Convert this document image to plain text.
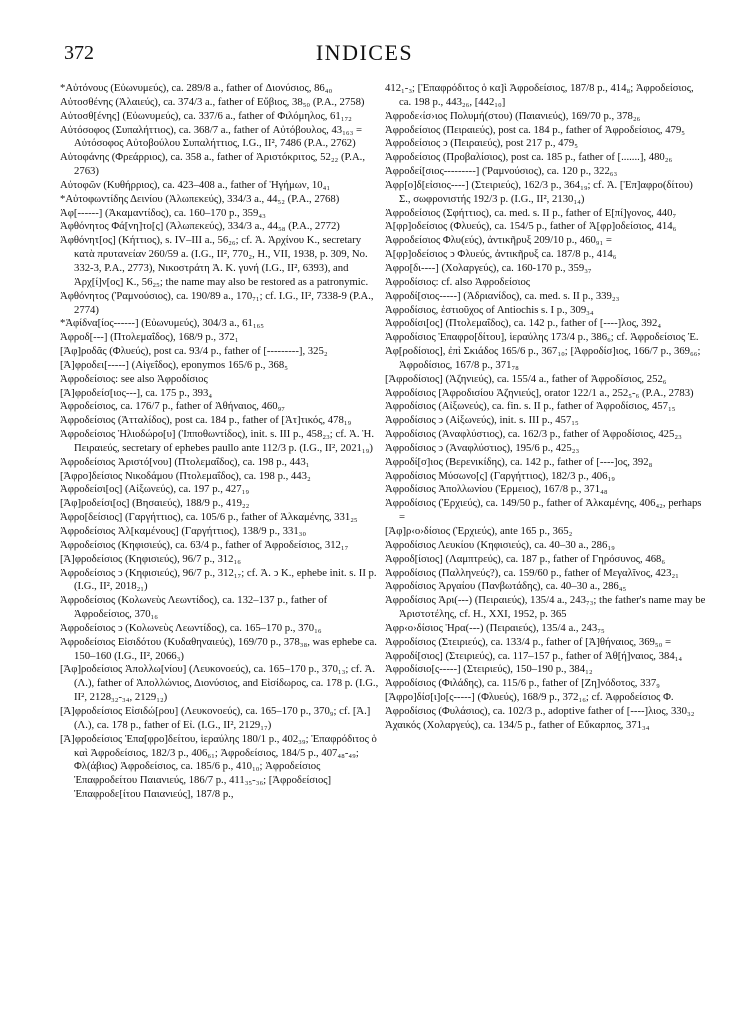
372	INDICES

*Αὐτόνους (Εὐωνυμεύς), ca. 289/8 a., father of Διονύσιος, 86₄₀

Αὐτοσθένης (Ἁλαιεύς), ca. 374/3 a., father of Εὔβιος, 38₅₀ (P.A., 2758)

Αὐτοσθ[ένης] (Εὐωνυμεύς), ca. 337/6 a., father of Φιλόμηλος, 61₁₇₂

Αὐτόσοφος (Συπαλήττιος), ca. 368/7 a., father of Αὐτόβουλος, 43₁₆₃ = Αὐτόσοφος Αὐτοβούλου Συπαλήττιος, I.G., II², 7486 (P.A., 2762)

Αὐτοφάνης (Φρεάρριος), ca. 358 a., father of Ἀριστόκριτος, 52₂₂ (P.A., 2763)

Αὐτοφῶν (Κυθήρριος), ca. 423–408 a., father of Ἡγήμων, 10₄₁

*Αὐτοφωντίδης Δεινίου (Ἀλωπεκεύς), 334/3 a., 44₅₂ (P.A., 2768)

Ἀφ[------] (Ἀκαμαντίδος), ca. 160–170 p., 359₄₃

Ἀφθόνητος Φά[νη]το[ς] (Ἀλωπεκεύς), 334/3 a., 44₅₈ (P.A., 2772)

Ἀφθόνητ[ος] (Κήττιος), s. IV–III a., 56₂₆; cf. Ἀ. Ἀρχίνου Κ., secretary κατὰ πρυτανείαν 260/59 a. (I.G., II², 770₂, H., VII, 1938, p. 309, No. 332-3, P.A., 2773), Νικοστράτη Ἀ. Κ. γυνή (I.G., II², 6393), and Ἀρχ[ί]ν[ος] Κ., 56₂₅; the name may also be restored as a patronymic.

Ἀφθόνητος (Ῥαμνούσιος), ca. 190/89 a., 170₇₁; cf. I.G., II², 7338-9 (P.A., 2774)

*Ἀφίδνα[ίος------] (Εὐωνυμεύς), 304/3 a., 61₁₆₅

Ἀφροδ[---] (Πτολεμαΐδος), 168/9 p., 372₁

[Ἀφ]ροδᾶς (Φλυεύς), post ca. 93/4 p., father of [---------], 325₂

[Ἀ]φροδει[-----] (Αἰγεΐδος), eponymos 165/6 p., 368₅

Ἀφροδείσιος: see also Ἀφροδίσιος

[Ἀ]φροδείσ[ιος---], ca. 175 p., 393₄

Ἀφροδείσιος, ca. 176/7 p., father of Ἀθήναιος, 460₉₇

Ἀφροδείσιος (Ἀτταλίδος), post ca. 184 p., father of [Ἀτ]τικός, 478₁₉

Ἀφροδείσιος Ἡλιοδώρο[υ] (Ἱπποθωντίδος), init. s. III p., 458₂₃; cf. Ἀ. Ἡ. Πειραιεύς, secretary of ephebes paullo ante 112/3 p. (I.G., II², 2021₁₉)

Ἀφροδείσιος Ἀριστό[νου] (Πτολεμαΐδος), ca. 198 p., 443₁

[Ἀφρο]δείσιος Νικοδάμου (Πτολεμαΐδος), ca. 198 p., 443₂

Ἀφροδείσι[ος] (Αἰξωνεύς), ca. 197 p., 427₁₉

[Ἀφ]ροδείσι[ος] (Βησαιεύς), 188/9 p., 419₂₂

Ἀφρο[δείσιος] (Γαργήττιος), ca. 105/6 p., father of Ἀλκαμένης, 331₂₅

Ἀφροδείσιος Ἀλ[καμένους] (Γαργήττιος), 138/9 p., 331₃₀

Ἀφροδείσιος (Κηφισιεύς), ca. 63/4 p., father of Ἀφροδείσιος, 312₁₇

[Ἀ]φροδείσιος (Κηφισιεύς), 96/7 p., 312₁₆

Ἀφροδείσιος ↄ (Κηφισιεύς), 96/7 p., 312₁₇; cf. Ἀ. ↄ Κ., ephebe init. s. II p. (I.G., II², 2018₂₁)

Ἀφροδείσιος (Κολωνεὺς Λεωντίδος), ca. 132–137 p., father of Ἀφροδείσιος, 370₁₆

Ἀφροδείσιος ↄ (Κολωνεὺς Λεωντίδος), ca. 165–170 p., 370₁₆

Ἀφροδείσιος Εἰσιδότου (Κυδαθηναιεύς), 169/70 p., 378₃₈, was ephebe ca. 150–160 (I.G., II², 2066₃)

[Ἀφ]ροδείσιος Ἀπολλω[νίου] (Λευκονοεύς), ca. 165–170 p., 370₁₃; cf. Ἀ. (Λ.), father of Ἀπολλώνιος, Διονύσιος, and Εἰσίδωρος, ca. 178 p. (I.G., II², 2128₃₂-₃₄, 2129₁₂)

[Ἀ]φροδείσιος Εἰσιδώ[ρου] (Λευκονοεύς), ca. 165–170 p., 370₉; cf. [Ἀ.] (Λ.), ca. 178 p., father of Εἰ. (I.G., II², 2129₁₇)

[Ἀ]φροδείσιος Ἐπα[φρο]δείτου, ἱεραύλης 180/1 p., 402₃₉; Ἐπαφρόδιτος ὁ καὶ Ἀφροδείσιος, 182/3 p., 406₆₁; Ἀφροδείσιος, 184/5 p., 407₄₈-₄₉; Φλ(άβιος) Ἀφροδείσιος, ca. 185/6 p., 410₁₀; Ἀφροδείσιος Ἐπαφροδείτου Παιανιεύς, 186/7 p., 411₃₅-₃₆; [Ἀφροδείσιος] Ἐπαφροδε[ίτου Παιανιεύς], 187/8 p.,

412₁-₃; [Ἐπαφρόδιτος ὁ κα]ὶ Ἀφροδείσιος, 187/8 p., 414₈; Ἀφροδείσιος, ca. 198 p., 443₂₆, [442₁₀]

Ἀφροδε‹ίσ›ιος Πολυμή(στου) (Παιανιεύς), 169/70 p., 378₂₆

Ἀφροδείσιος (Πειραιεύς), post ca. 184 p., father of Ἀφροδείσιος, 479₅

Ἀφροδείσιος ↄ (Πειραιεύς), post 217 p., 479₅

Ἀφροδείσιος (Προβαλίσιος), post ca. 185 p., father of [.......], 480₂₆

Ἀφροδεί[σιος---------] (Ῥαμνούσιος), ca. 120 p., 322₆₃

Ἀφρ[ο]δ[εἰσιος----] (Στειριεύς), 162/3 p., 364₁₉; cf. Ἀ. [Ἐπ]αφρο(δίτου) Σ., σωφρονιστής 192/3 p. (I.G., II², 2130₁₄)

Ἀφροδείσιος (Σφήττιος), ca. med. s. II p., father of Ε[πί]γονος, 440₇

Ἀ[φρ]οδείσιος (Φλυεύς), ca. 154/5 p., father of Ἀ[φρ]οδείσιος, 414₆

Ἀφροδείσιος Φλυ(εύς), ἀντικῆρυξ 209/10 p., 460₉₁ =

Ἀ[φρ]οδείσιος ↄ Φλυεύς, ἀντικῆρυξ ca. 187/8 p., 414₆

Ἀφρο[δι----] (Χολαργεύς), ca. 160-170 p., 359₃₇

Ἀφροδίσιος: cf. also Ἀφροδείσιος

Ἀφροδί[σιος-----] (Ἀδριανίδος), ca. med. s. II p., 339₂₃

Ἀφροδίσιος, ἑστιοῦχος of Antiochis s. I p., 309₃₄

Ἀφροδίσι[ος] (Πτολεμαΐδος), ca. 142 p., father of [----]λος, 392₄

Ἀφροδίσιος Ἐπαφρο[δίτου], ἱεραύλης 173/4 p., 386₆; cf. Ἀφροδείσιος Ἐ.

Ἀφ[ροδίσιος], ἐπὶ Σκιάδος 165/6 p., 367₁₀; [Ἀφροδίσ]ιος, 166/7 p., 369₆₆; Ἀφροδίσιος, 167/8 p., 371₇₈

[Ἀφροδίσιος] (Ἀζηνιεύς), ca. 155/4 a., father of Ἀφροδίσιος, 252₆

Ἀφροδίσιος [Ἀφροδισίου Ἀζηνιεύς], orator 122/1 a., 252₅-₆ (P.A., 2783)

Ἀφροδίσιος (Αἰξωνεύς), ca. fin. s. II p., father of Ἀφροδίσιος, 457₁₅

Ἀφροδίσιος ↄ (Αἰξωνεύς), init. s. III p., 457₁₅

Ἀφροδίσιος (Ἀναφλύστιος), ca. 162/3 p., father of Ἀφροδίσιος, 425₂₃

Ἀφροδίσιος ↄ (Ἀναφλύστιος), 195/6 p., 425₂₃

Ἀφροδί[σ]ιος (Βερενικίδης), ca. 142 p., father of [----]ος, 392₈

Ἀφροδίσιος Μύσωνο[ς] (Γαργήττιος), 182/3 p., 406₁₉

Ἀφροδίσιος Ἀπολλωνίου (Ἑρμειος), 167/8 p., 371₄₈

Ἀφροδίσιος (Ἐρχιεύς), ca. 149/50 p., father of Ἀλκαμένης, 406₄₂, perhaps =

[Ἀφ]ρ‹ο›δίσιος (Ἐρχιεύς), ante 165 p., 365₂

Ἀφροδίσιος Λευκίου (Κηφισιεύς), ca. 40–30 a., 286₁₉

Ἀφροδ[ίσιος] (Λαμπτρεύς), ca. 187 p., father of Γηρόσυνος, 468₆

Ἀφροδίσιος (Παλληνεύς?), ca. 159/60 p., father of Μεγαλῖνος, 423₂₁

Ἀφροδίσιος Ἀργαίου (Πανβωτάδης), ca. 40–30 a., 286₄₅

Ἀφροδίσιος Ἀρι(---) (Πειραιεύς), 135/4 a., 243₇₃; the father's name may be Ἀριστοτέλης, cf. H., XXI, 1952, p. 365

Ἀφρ‹ο›δίσιος Ἡρα(---) (Πειραιεύς), 135/4 a., 243₇₅

Ἀφροδίσιος (Στειριεύς), ca. 133/4 p., father of [Ἀ]θήναιος, 369₅₀ =

Ἀφροδί[σιος] (Στειριεύς), ca. 117–157 p., father of Ἀθ[ή]ναιος, 384₁₄

Ἀφροδίσιο[ς-----] (Στειριεύς), 150–190 p., 384₁₂

Ἀφροδίσιος (Φιλάδης), ca. 115/6 p., father of [Ζη]νόδοτος, 337₉

[Ἀφρο]δίσ[ι]ο[ς-----] (Φλυεύς), 168/9 p., 372₁₆; cf. Ἀφροδείσιος Φ.

Ἀφροδίσιος (Φυλάσιος), ca. 102/3 p., adoptive father of [----]λιος, 330₃₂

Ἀχαικός (Χολαργεύς), ca. 134/5 p., father of Εὔκαρπος, 371₃₄
